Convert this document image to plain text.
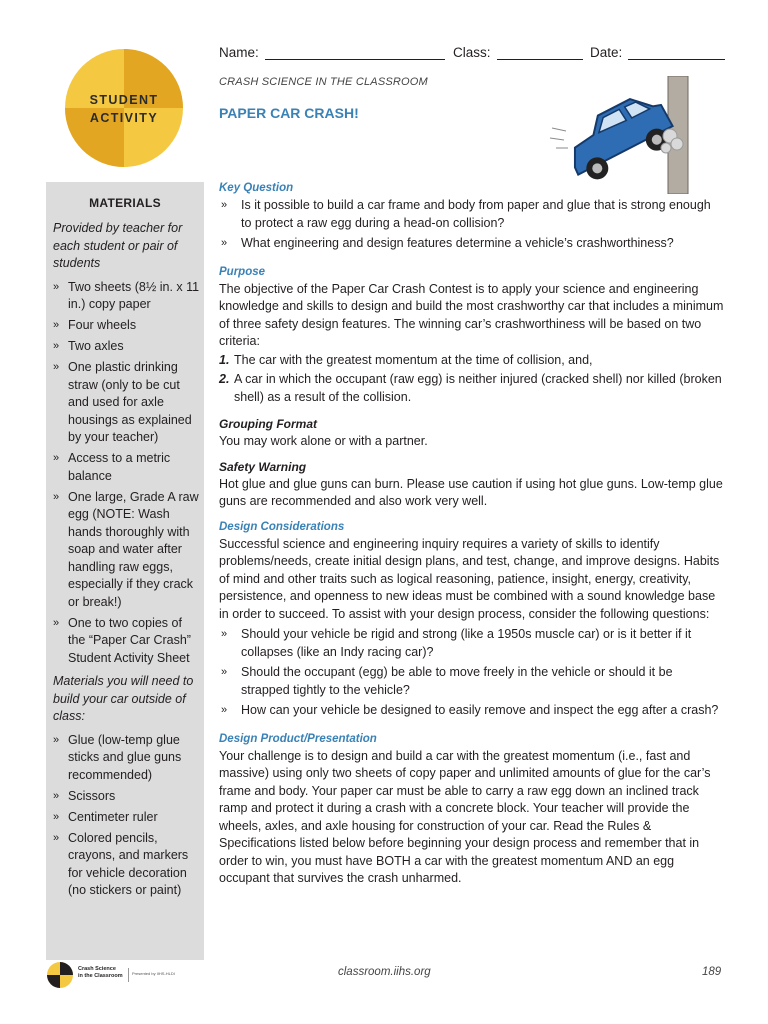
Name:	Class:	Date:
CRASH SCIENCE IN THE CLASSROOM
PAPER CAR CRASH!
STUDENT
ACTIVITY
MATERIALS
Provided by teacher for each student or pair of students
» Two sheets (8½ in. x 11 in.) copy paper
» Four wheels
» Two axles
» One plastic drinking straw (only to be cut and used for axle housings as explained by your teacher)
» Access to a metric balance
» One large, Grade A raw egg (NOTE: Wash hands thoroughly with soap and water after handling raw eggs, especially if they crack or break!)
» One to two copies of the “Paper Car Crash” Student Activity Sheet
Materials you will need to build your car outside of class:
» Glue (low-temp glue sticks and glue guns recommended)
» Scissors
» Centimeter ruler
» Colored pencils, crayons, and markers for vehicle decoration (no stickers or paint)
Key Question
» Is it possible to build a car frame and body from paper and glue that is strong enough to protect a raw egg during a head-on collision?
» What engineering and design features determine a vehicle’s crashworthiness?
Purpose

The objective of the Paper Car Crash Contest is to apply your science and engineering knowledge and skills to design and build the most crashworthy car that includes a minimum of three safety design features. The winning car’s crashworthiness will be based on two criteria:

1. The car with the greatest momentum at the time of collision, and,
2. A car in which the occupant (raw egg) is neither injured (cracked shell) nor killed (broken shell) as a result of the collision.
Grouping Format

You may work alone or with a partner.

Safety Warning

Hot glue and glue guns can burn. Please use caution if using hot glue guns. Low-temp glue guns are recommended and also work very well.

Design Considerations

Successful science and engineering inquiry requires a variety of skills to identify problems/needs, create initial design plans, and test, change, and improve designs. Habits of mind and other traits such as logical reasoning, patience, insight, energy, creativity, persistence, and openness to new ideas must be combined with a sound knowledge base in order to succeed. To assist with your design process, consider the following questions:

» Should your vehicle be rigid and strong (like a 1950s muscle car) or is it better if it collapses (like an Indy racing car)?
» Should the occupant (egg) be able to move freely in the vehicle or should it be strapped tightly to the vehicle?
» How can your vehicle be designed to easily remove and inspect the egg after a crash?
Design Product/Presentation

Your challenge is to design and build a car with the greatest momentum (i.e., fast and massive) using only two sheets of copy paper and unlimited amounts of glue for the car’s frame and body. Your paper car must be able to carry a raw egg down an inclined track ramp and protect it during a crash with a concrete block. Your teacher will provide the wheels, axles, and axle housing for construction of your car. Read the Rules & Specifications listed below before beginning your design process and remember that in order to win, you must have BOTH a car with the greatest momentum AND an egg occupant that survives the crash unharmed.

Crash Science
in the Classroom Presented by IIHS-HLDI	classroom.iihs.org	189
